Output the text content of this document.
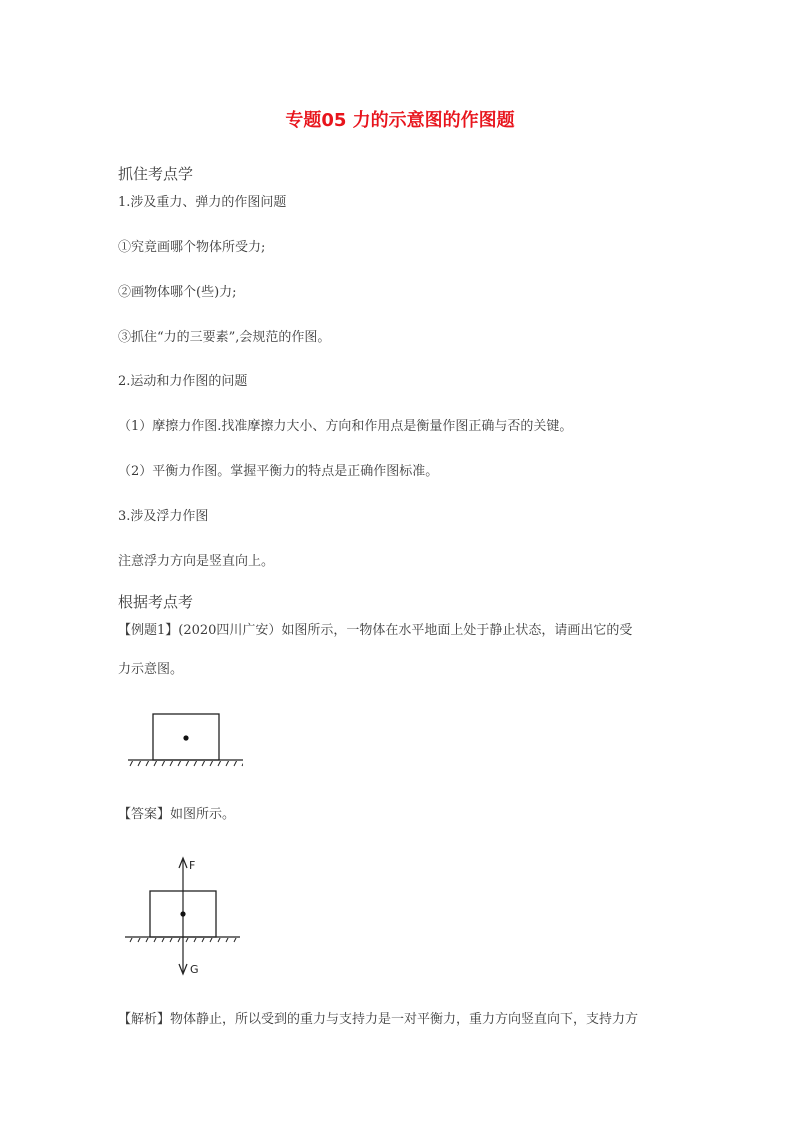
专题05 力的示意图的作图题
抓住考点学
1.涉及重力、弹力的作图问题
①究竟画哪个物体所受力;
②画物体哪个(些)力;
③抓住“力的三要素”,会规范的作图。
2.运动和力作图的问题
（1）摩擦力作图.找准摩擦力大小、方向和作用点是衡量作图正确与否的关键。
（2）平衡力作图。掌握平衡力的特点是正确作图标准。
3.涉及浮力作图
注意浮力方向是竖直向上。
根据考点考
【例题1】(2020四川广安）如图所示，一物体在水平地面上处于静止状态，请画出它的受
力示意图。
【答案】如图所示。
【解析】物体静止，所以受到的重力与支持力是一对平衡力，重力方向竖直向下，支持力方
F
G
